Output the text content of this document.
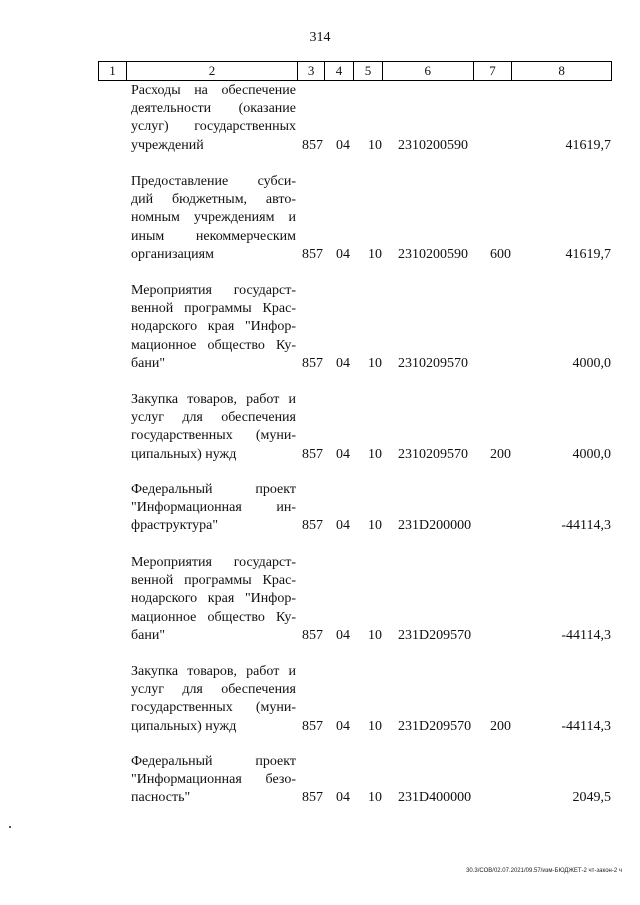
314
1	2	3	4	5	6	7	8
Расходы на обеспечение
деятельности (оказание
услуг) государственных
учреждений	857 04 10 2310200590	41619,7
Предоставление субси-
дий бюджетным, авто-
номным учреждениям и
иным некоммерческим
организациям	857 04 10 2310200590 600	41619,7
Мероприятия государст-
венной программы Крас-
нодарского края "Инфор-
мационное общество Ку-
бани"	857 04 10 2310209570	4000,0
Закупка товаров, работ и
услуг для обеспечения
государственных (муни-
ципальных) нужд	857 04 10 2310209570 200	4000,0
Федеральный проект
"Информационная ин-
фраструктура"	857 04 10 231D200000	-44114,3
Мероприятия государст-
венной программы Крас-
нодарского края "Инфор-
мационное общество Ку-
бани"	857 04 10 231D209570	-44114,3
Закупка товаров, работ и
услуг для обеспечения
государственных (муни-
ципальных) нужд	857 04 10 231D209570 200	-44114,3
Федеральный проект
"Информационная безо-
пасность"	857 04 10 231D400000	2049,5
30.3/СОВ/02.07.2021/09.57/изм-БЮДЖЕТ-2 чт-закон-2 ч
